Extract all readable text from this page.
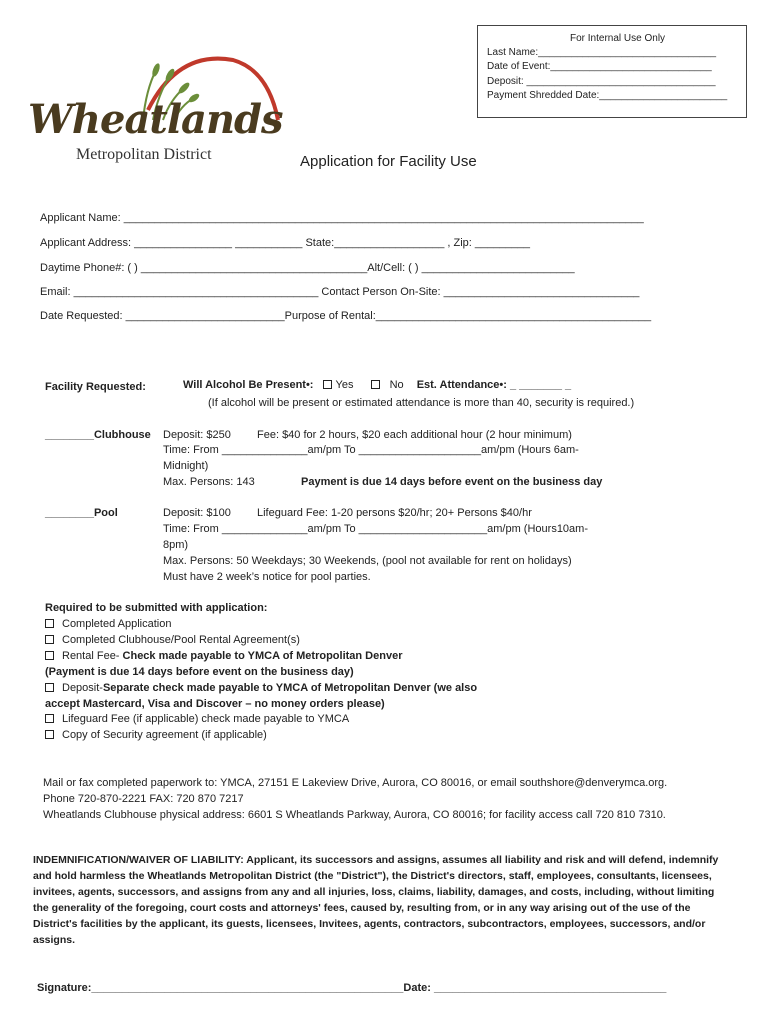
For Internal Use Only
Last Name:________________________________
Date of Event:_____________________________
Deposit: __________________________________
Payment Shredded Date:_______________________
Wheatlands
Metropolitan District	Application for Facility Use
Applicant Name: _____________________________________________________________________________________
Applicant Address: ________________ ___________ State:__________________ , Zip: _________
Daytime Phone#: ( ) _____________________________________Alt/Cell: ( ) _________________________
Email: ________________________________________ Contact Person On-Site: ________________________________
Date Requested: __________________________Purpose of Rental:_____________________________________________
Facility Requested:	Will Alcohol Be Present•: Yes	No Est. Attendance•: _ _______ _
(If alcohol will be present or estimated attendance is more than 40, security is required.)
________Clubhouse Deposit: $250 Fee: $40 for 2 hours, $20 each additional hour (2 hour minimum)
Time: From ______________am/pm To ____________________am/pm (Hours 6am-
Midnight)
Max. Persons: 143	Payment is due 14 days before event on the business day
________Pool	Deposit: $100 Lifeguard Fee: 1-20 persons $20/hr; 20+ Persons $40/hr
Time: From ______________am/pm To _____________________am/pm (Hours10am-
8pm)
Max. Persons: 50 Weekdays; 30 Weekends, (pool not available for rent on holidays)
Must have 2 week’s notice for pool parties.
Required to be submitted with application:
Completed Application
Completed Clubhouse/Pool Rental Agreement(s)
Rental Fee- Check made payable to YMCA of Metropolitan Denver
(Payment is due 14 days before event on the business day)
Deposit-Separate check made payable to YMCA of Metropolitan Denver (we also
accept Mastercard, Visa and Discover – no money orders please)
Lifeguard Fee (if applicable) check made payable to YMCA
Copy of Security agreement (if applicable)
Mail or fax completed paperwork to: YMCA, 27151 E Lakeview Drive, Aurora, CO 80016, or email southshore@denverymca.org.
Phone 720-870-2221 FAX: 720 870 7217
Wheatlands Clubhouse physical address: 6601 S Wheatlands Parkway, Aurora, CO 80016; for facility access call 720 810 7310.
INDEMNIFICATION/WAIVER OF LIABILITY: Applicant, its successors and assigns, assumes all liability and risk and will defend, indemnify and hold harmless the Wheatlands Metropolitan District (the "District"), the District's directors, staff, employees, consultants, licensees, invitees, agents, successors, and assigns from any and all injuries, loss, claims, liability, damages, and costs, including, without limiting the generality of the foregoing, court costs and attorneys' fees, caused by, resulting from, or in any way arising out of the use of the District's facilities by the applicant, its guests, licensees, Invitees, agents, contractors, subcontractors, employees, successors, and/or assigns.
Signature:___________________________________________________Date: ______________________________________
